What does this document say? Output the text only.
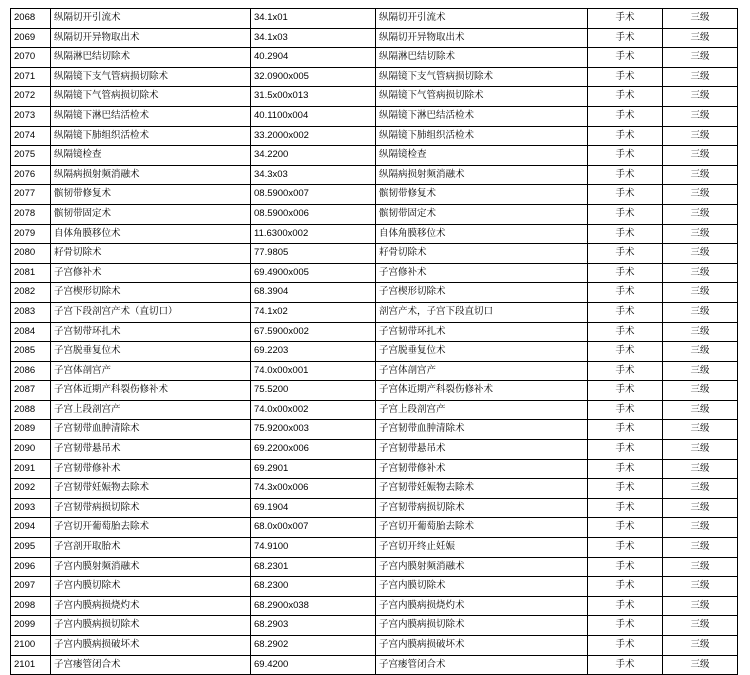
2068	纵隔切开引流术	34.1x01	纵隔切开引流术	手术	三级
2069	纵隔切开异物取出术	34.1x03	纵隔切开异物取出术	手术	三级
2070	纵隔淋巴结切除术	40.2904	纵隔淋巴结切除术	手术	三级
2071	纵隔镜下支气管病损切除术	32.0900x005	纵隔镜下支气管病损切除术	手术	三级
2072	纵隔镜下气管病损切除术	31.5x00x013	纵隔镜下气管病损切除术	手术	三级
2073	纵隔镜下淋巴结活检术	40.1100x004	纵隔镜下淋巴结活检术	手术	三级
2074	纵隔镜下肺组织活检术	33.2000x002	纵隔镜下肺组织活检术	手术	三级
2075	纵隔镜检查	34.2200	纵隔镜检查	手术	三级
2076	纵隔病损射频消融术	34.3x03	纵隔病损射频消融术	手术	三级
2077	髌韧带修复术	08.5900x007	髌韧带修复术	手术	三级
2078	髌韧带固定术	08.5900x006	髌韧带固定术	手术	三级
2079	自体角膜移位术	11.6300x002	自体角膜移位术	手术	三级
2080	耔骨切除术	77.9805	耔骨切除术	手术	三级
2081	子宫修补术	69.4900x005	子宫修补术	手术	三级
2082	子宫楔形切除术	68.3904	子宫楔形切除术	手术	三级
2083	子宫下段剖宫产术（直切口）	74.1x02	剖宫产术，子宫下段直切口	手术	三级
2084	子宫韧带环扎术	67.5900x002	子宫韧带环扎术	手术	三级
2085	子宫脱垂复位术	69.2203	子宫脱垂复位术	手术	三级
2086	子宫体剖宫产	74.0x00x001	子宫体剖宫产	手术	三级
2087	子宫体近期产科裂伤修补术	75.5200	子宫体近期产科裂伤修补术	手术	三级
2088	子宫上段剖宫产	74.0x00x002	子宫上段剖宫产	手术	三级
2089	子宫韧带血肿清除术	75.9200x003	子宫韧带血肿清除术	手术	三级
2090	子宫韧带悬吊术	69.2200x006	子宫韧带悬吊术	手术	三级
2091	子宫韧带修补术	69.2901	子宫韧带修补术	手术	三级
2092	子宫韧带妊娠物去除术	74.3x00x006	子宫韧带妊娠物去除术	手术	三级
2093	子宫韧带病损切除术	69.1904	子宫韧带病损切除术	手术	三级
2094	子宫切开葡萄胎去除术	68.0x00x007	子宫切开葡萄胎去除术	手术	三级
2095	子宫剖开取胎术	74.9100	子宫切开终止妊娠	手术	三级
2096	子宫内膜射频消融术	68.2301	子宫内膜射频消融术	手术	三级
2097	子宫内膜切除术	68.2300	子宫内膜切除术	手术	三级
2098	子宫内膜病损烧灼术	68.2900x038	子宫内膜病损烧灼术	手术	三级
2099	子宫内膜病损切除术	68.2903	子宫内膜病损切除术	手术	三级
2100	子宫内膜病损破坏术	68.2902	子宫内膜病损破坏术	手术	三级
2101	子宫瘘管闭合术	69.4200	子宫瘘管闭合术	手术	三级
